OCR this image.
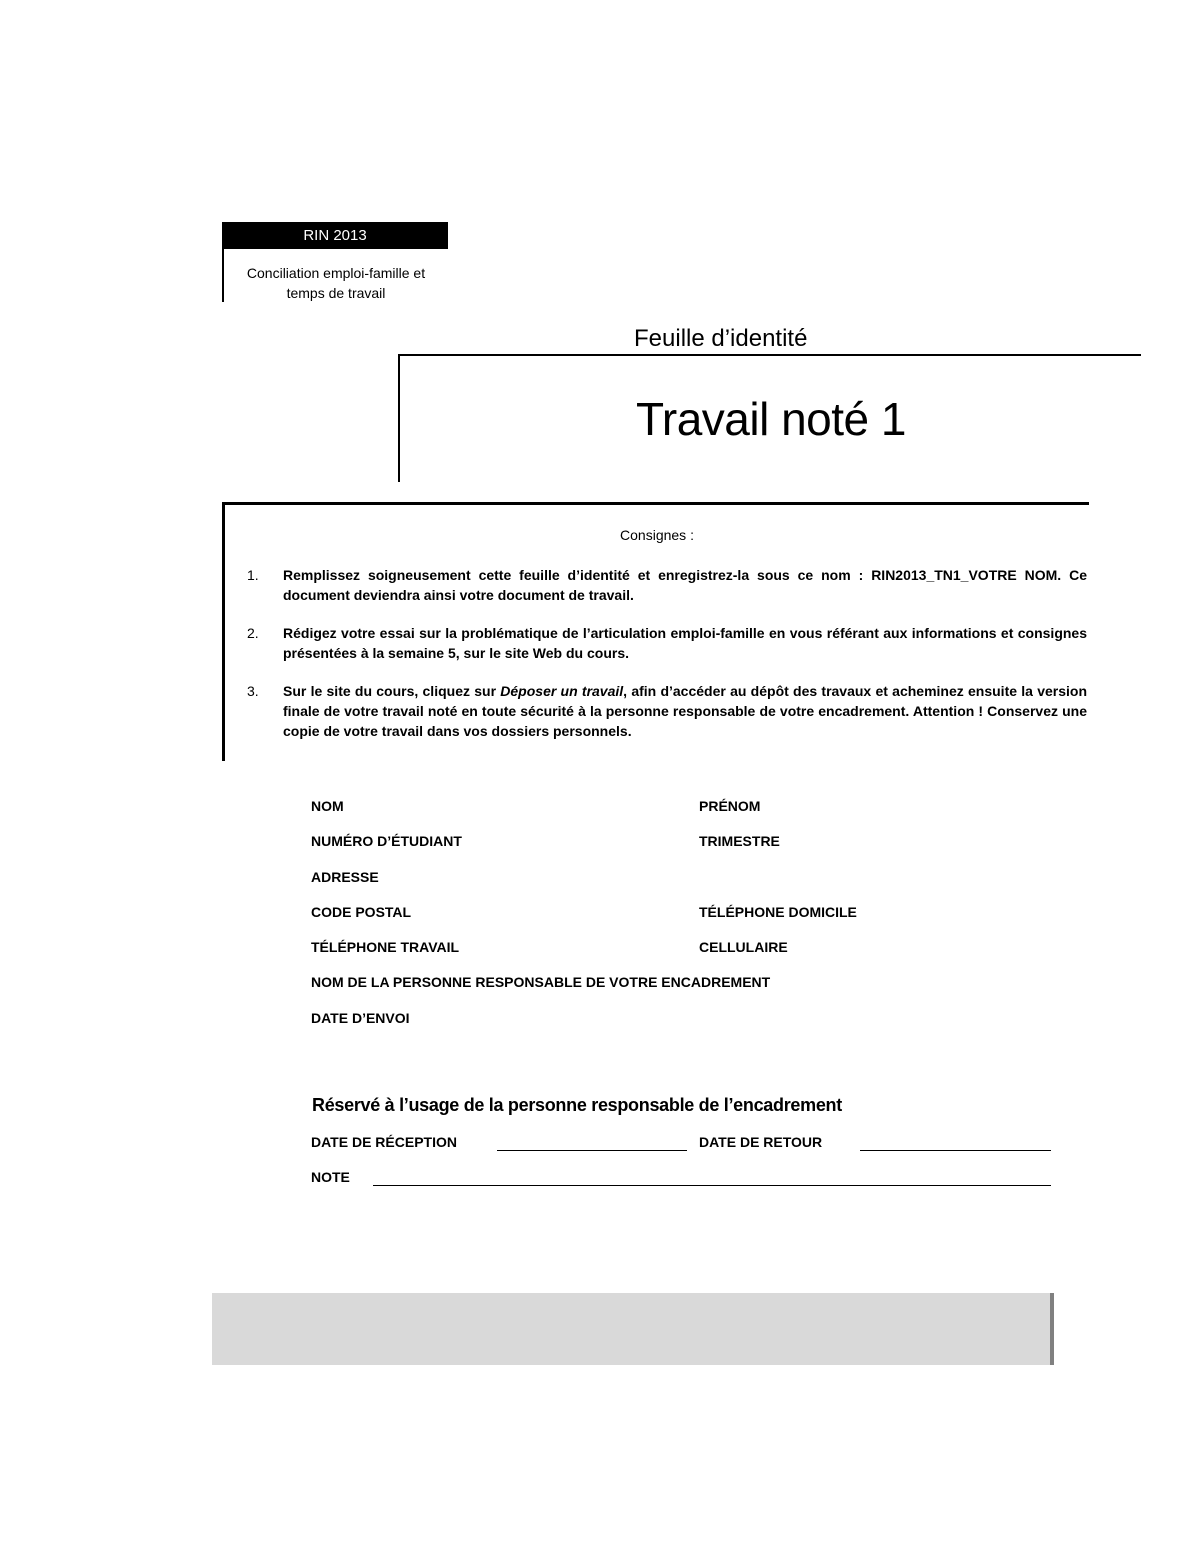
RIN 2013
Conciliation emploi-famille et
temps de travail
Feuille d’identité
Travail noté 1
Consignes :
1.	Remplissez soigneusement cette feuille d’identité et enregistrez-la sous ce nom : RIN2013_TN1_VOTRE NOM. Ce document deviendra ainsi votre document de travail.
2.	Rédigez votre essai sur la problématique de l’articulation emploi-famille en vous référant aux informations et consignes présentées à la semaine 5, sur le site Web du cours.
3.	Sur le site du cours, cliquez sur Déposer un travail, afin d’accéder au dépôt des travaux et acheminez ensuite la version finale de votre travail noté en toute sécurité à la personne responsable de votre encadrement. Attention ! Conservez une copie de votre travail dans vos dossiers personnels.
NOM	PRÉNOM
NUMÉRO D’ÉTUDIANT	TRIMESTRE
ADRESSE
CODE POSTAL	TÉLÉPHONE DOMICILE
TÉLÉPHONE TRAVAIL	CELLULAIRE
NOM DE LA PERSONNE RESPONSABLE DE VOTRE ENCADREMENT
DATE D’ENVOI
Réservé à l’usage de la personne responsable de l’encadrement
DATE DE RÉCEPTION	DATE DE RETOUR
NOTE
